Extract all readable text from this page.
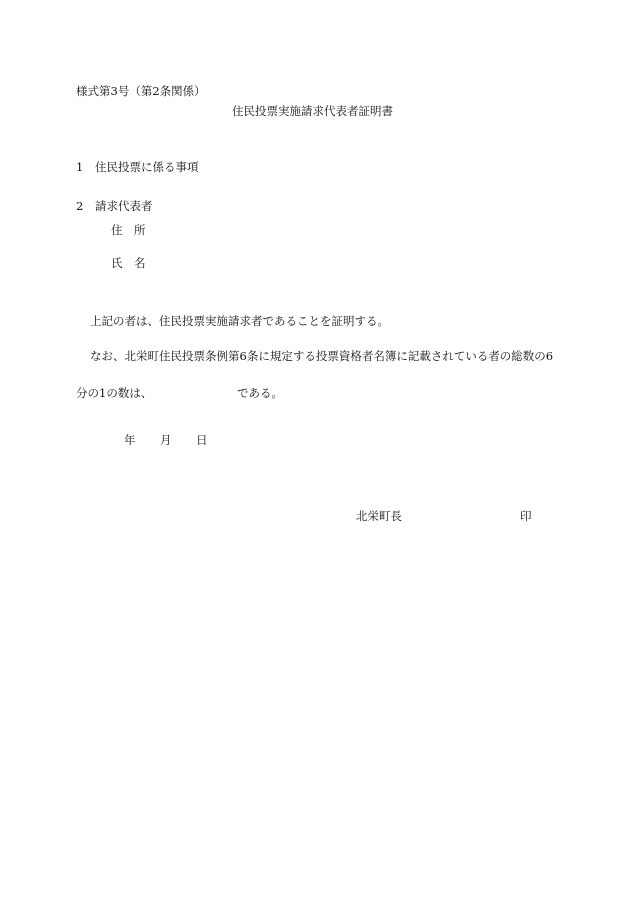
様式第3号（第2条関係）
住民投票実施請求代表者証明書
1 住民投票に係る事項
2 請求代表者
住　所
氏　名
上記の者は、住民投票実施請求者であることを証明する。
なお、北栄町住民投票条例第6条に規定する投票資格者名簿に記載されている者の総数の6
分の1の数は、	である。
年 月 日
北栄町長	印
